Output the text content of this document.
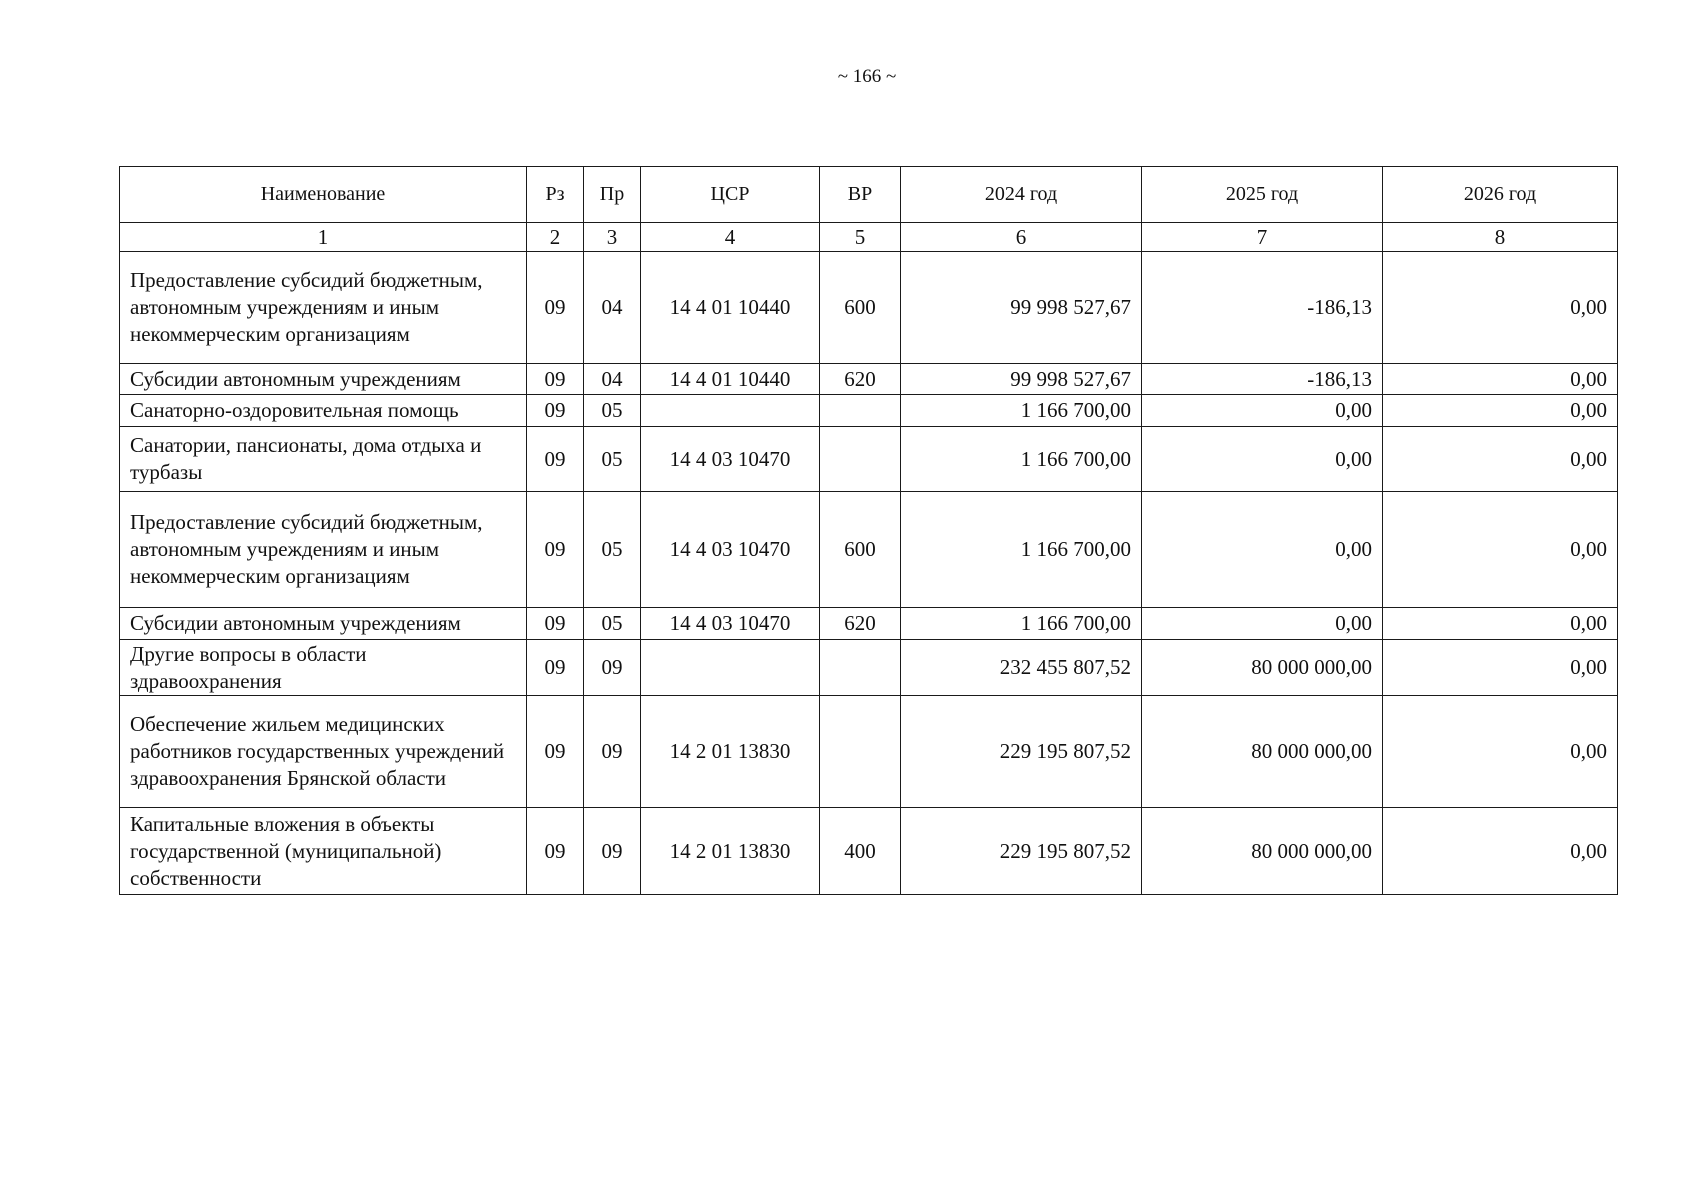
~ 166 ~
Наименование	Рз	Пр	ЦСР	ВР	2024 год	2025 год	2026 год
1	2	3	4	5	6	7	8
Предоставление субсидий бюджетным, автономным учреждениям и иным некоммерческим организациям	09	04	14 4 01 10440	600	99 998 527,67	-186,13	0,00
Субсидии автономным учреждениям	09	04	14 4 01 10440	620	99 998 527,67	-186,13	0,00
Санаторно-оздоровительная помощь	09	05			1 166 700,00	0,00	0,00
Санатории, пансионаты, дома отдыха и турбазы	09	05	14 4 03 10470		1 166 700,00	0,00	0,00
Предоставление субсидий бюджетным, автономным учреждениям и иным некоммерческим организациям	09	05	14 4 03 10470	600	1 166 700,00	0,00	0,00
Субсидии автономным учреждениям	09	05	14 4 03 10470	620	1 166 700,00	0,00	0,00
Другие вопросы в области здравоохранения	09	09			232 455 807,52	80 000 000,00	0,00
Обеспечение жильем медицинских работников государственных учреждений здравоохранения Брянской области	09	09	14 2 01 13830		229 195 807,52	80 000 000,00	0,00
Капитальные вложения в объекты государственной (муниципальной) собственности	09	09	14 2 01 13830	400	229 195 807,52	80 000 000,00	0,00
